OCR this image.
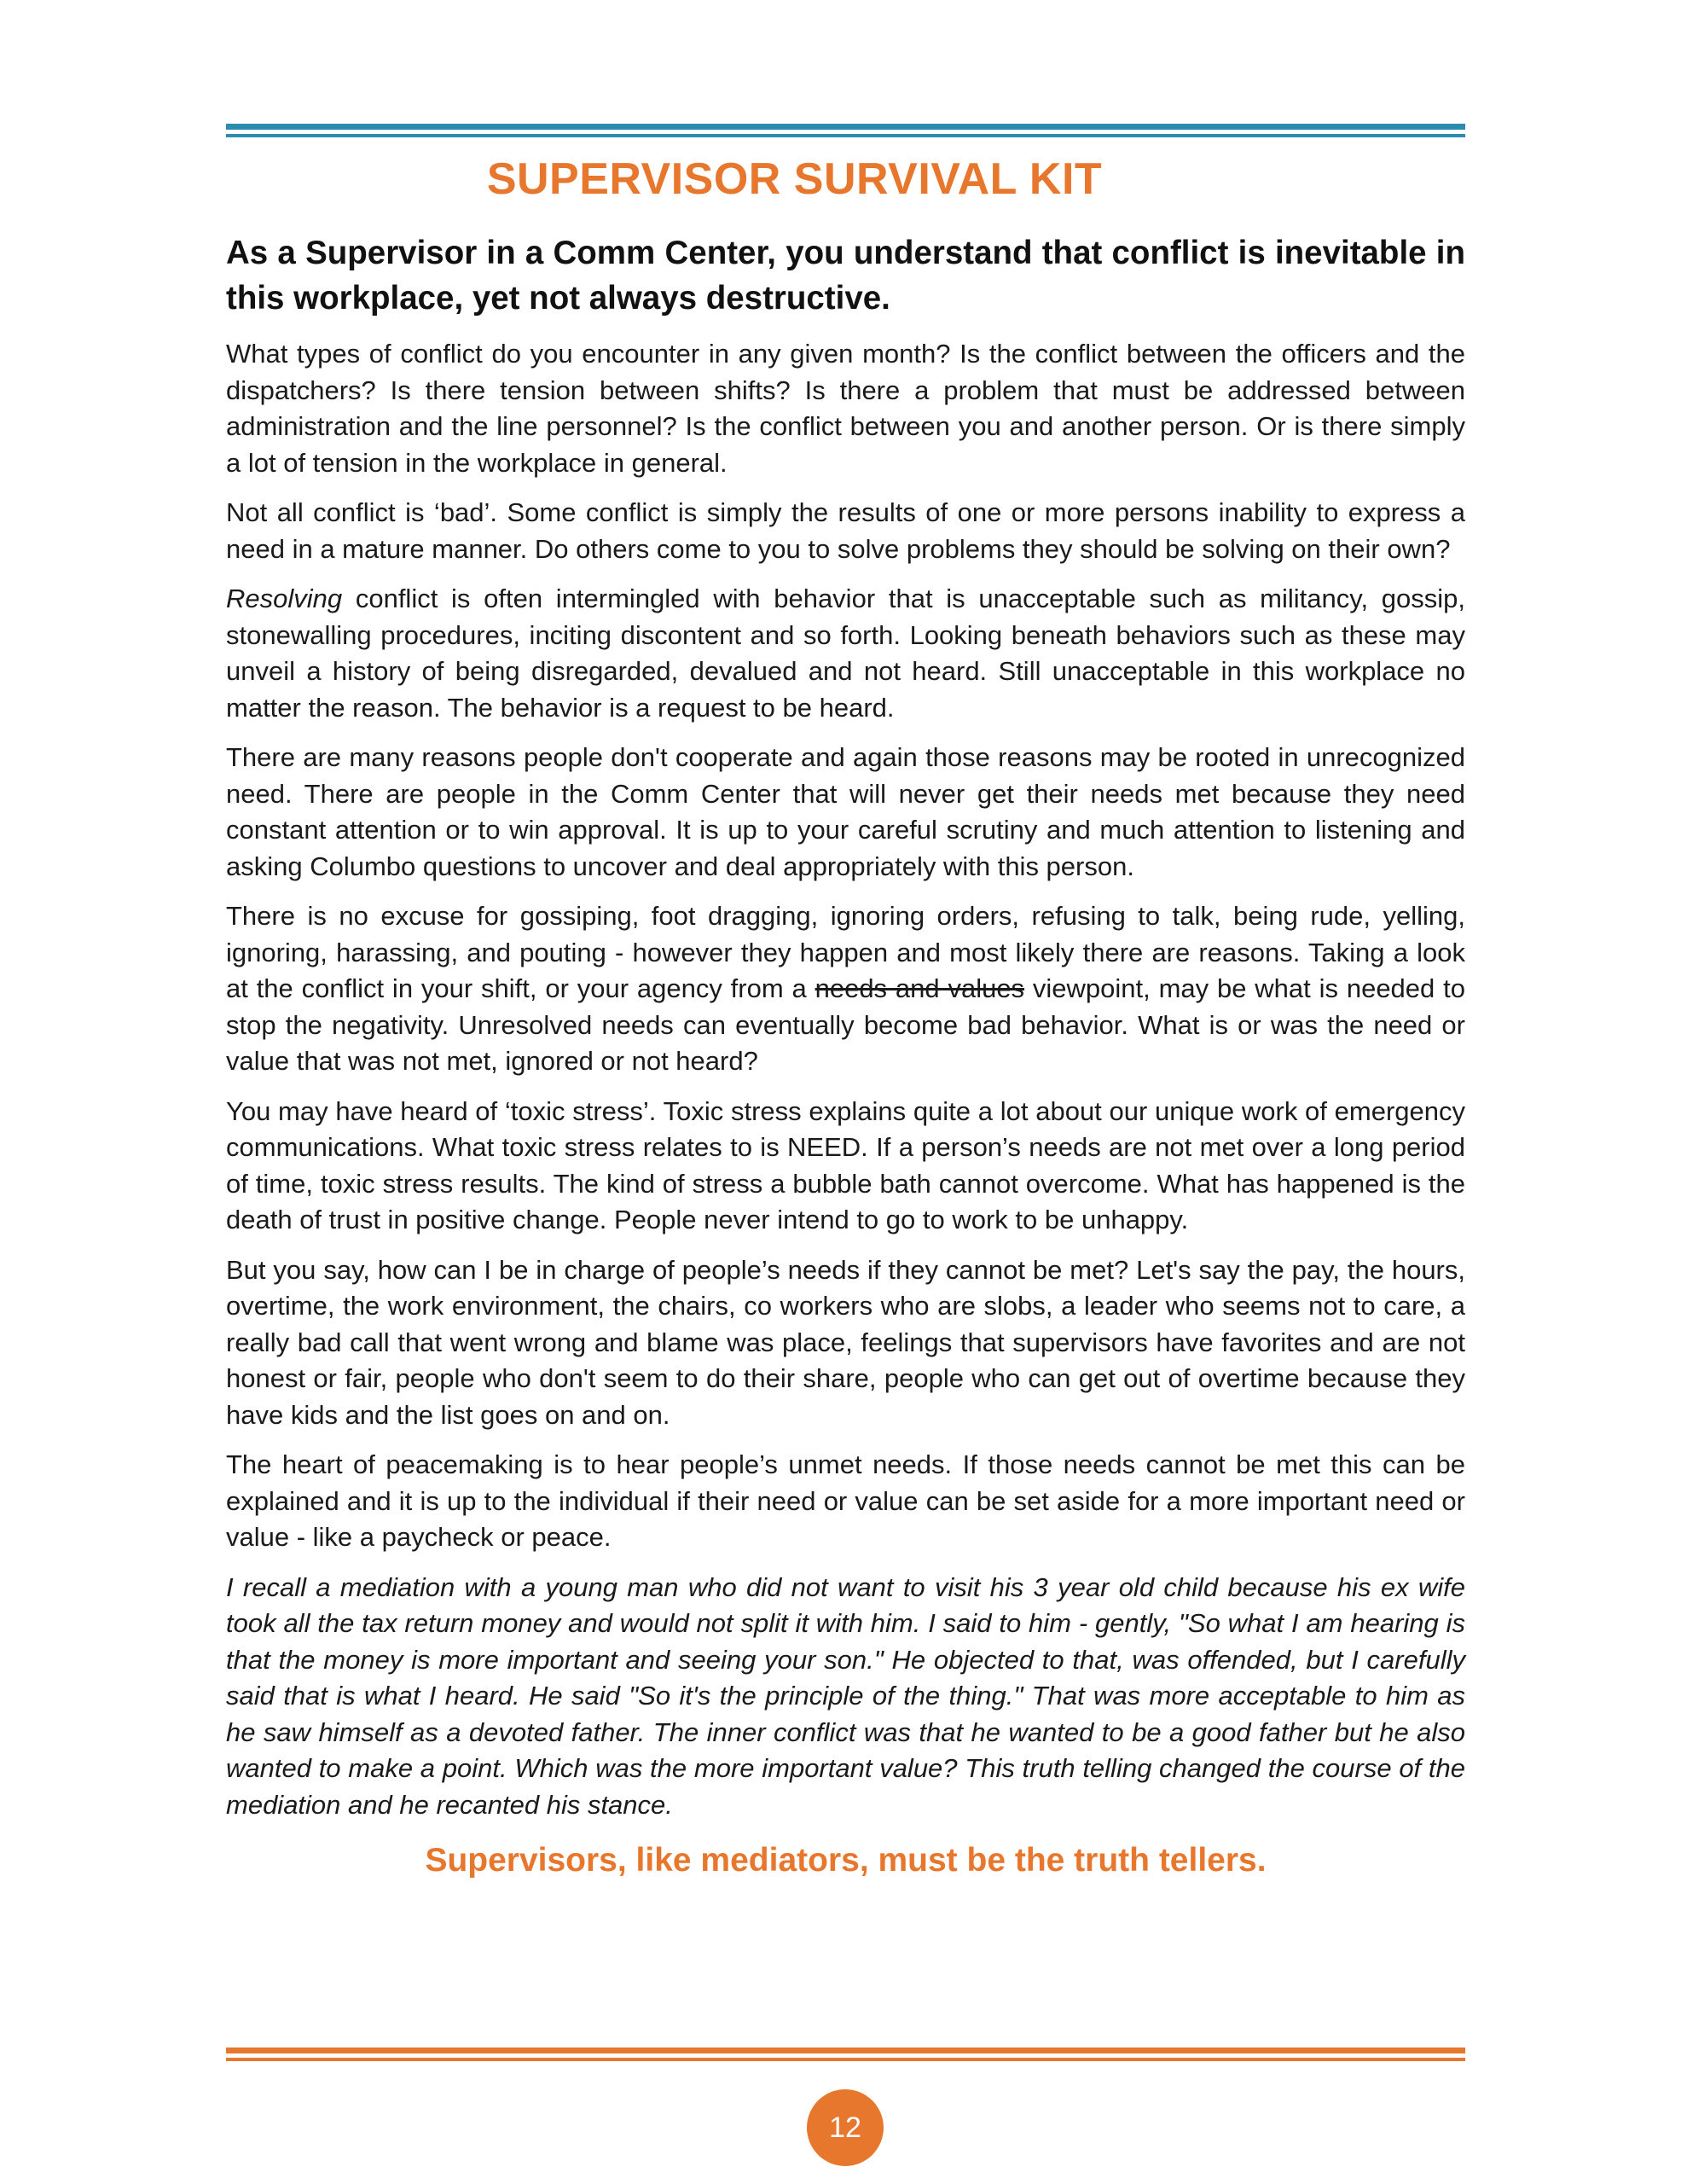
SUPERVISOR SURVIVAL KIT

As a Supervisor in a Comm Center, you understand that conflict is inevitable in this workplace, yet not always destructive.

What types of conflict do you encounter in any given month? Is the conflict between the officers and the dispatchers? Is there tension between shifts? Is there a problem that must be addressed between administration and the line personnel? Is the conflict between you and another person. Or is there simply a lot of tension in the workplace in general.

Not all conflict is ‘bad’. Some conflict is simply the results of one or more persons inability to express a need in a mature manner. Do others come to you to solve problems they should be solving on their own?

Resolving conflict is often intermingled with behavior that is unacceptable such as militancy, gossip, stonewalling procedures, inciting discontent and so forth. Looking beneath behaviors such as these may unveil a history of being disregarded, devalued and not heard. Still unacceptable in this workplace no matter the reason. The behavior is a request to be heard.

There are many reasons people don't cooperate and again those reasons may be rooted in unrecognized need. There are people in the Comm Center that will never get their needs met because they need constant attention or to win approval. It is up to your careful scrutiny and much attention to listening and asking Columbo questions to uncover and deal appropriately with this person.

There is no excuse for gossiping, foot dragging, ignoring orders, refusing to talk, being rude, yelling, ignoring, harassing, and pouting - however they happen and most likely there are reasons. Taking a look at the conflict in your shift, or your agency from a needs and values viewpoint, may be what is needed to stop the negativity. Unresolved needs can eventually become bad behavior. What is or was the need or value that was not met, ignored or not heard?

You may have heard of ‘toxic stress’. Toxic stress explains quite a lot about our unique work of emergency communications. What toxic stress relates to is NEED. If a person’s needs are not met over a long period of time, toxic stress results. The kind of stress a bubble bath cannot overcome. What has happened is the death of trust in positive change. People never intend to go to work to be unhappy.

But you say, how can I be in charge of people’s needs if they cannot be met? Let's say the pay, the hours, overtime, the work environment, the chairs, co workers who are slobs, a leader who seems not to care, a really bad call that went wrong and blame was place, feelings that supervisors have favorites and are not honest or fair, people who don't seem to do their share, people who can get out of overtime because they have kids and the list goes on and on.

The heart of peacemaking is to hear people’s unmet needs. If those needs cannot be met this can be explained and it is up to the individual if their need or value can be set aside for a more important need or value - like a paycheck or peace.

I recall a mediation with a young man who did not want to visit his 3 year old child because his ex wife took all the tax return money and would not split it with him. I said to him - gently, "So what I am hearing is that the money is more important and seeing your son." He objected to that, was offended, but I carefully said that is what I heard. He said "So it's the principle of the thing." That was more acceptable to him as he saw himself as a devoted father. The inner conflict was that he wanted to be a good father but he also wanted to make a point. Which was the more important value? This truth telling changed the course of the mediation and he recanted his stance.

Supervisors, like mediators, must be the truth tellers.

12
